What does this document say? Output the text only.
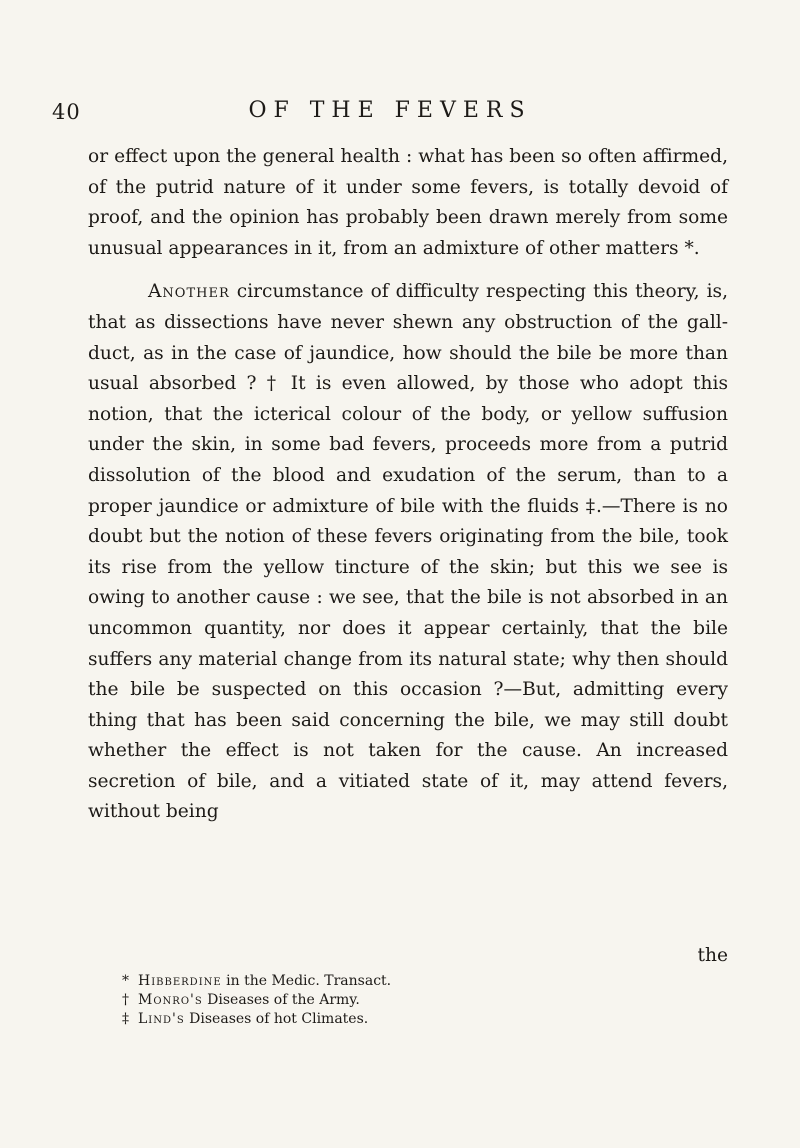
40	OF THE FEVERS

or effect upon the general health : what has been so often affirmed, of the putrid nature of it under some fevers, is totally devoid of proof, and the opinion has probably been drawn merely from some unusual appearances in it, from an admixture of other matters *.

Another circumstance of difficulty respecting this theory, is, that as dissections have never shewn any obstruction of the gall-duct, as in the case of jaundice, how should the bile be more than usual absorbed ? † It is even allowed, by those who adopt this notion, that the icterical colour of the body, or yellow suffusion under the skin, in some bad fevers, proceeds more from a putrid dissolution of the blood and exudation of the serum, than to a proper jaundice or admixture of bile with the fluids ‡.—There is no doubt but the notion of these fevers originating from the bile, took its rise from the yellow tincture of the skin; but this we see is owing to another cause : we see, that the bile is not absorbed in an uncommon quantity, nor does it appear certainly, that the bile suffers any material change from its natural state; why then should the bile be suspected on this occasion ?—But, admitting every thing that has been said concerning the bile, we may still doubt whether the effect is not taken for the cause. An increased secretion of bile, and a vitiated state of it, may attend fevers, without being

the
* Hibberdine in the Medic. Transact.
† Monro's Diseases of the Army.
‡ Lind's Diseases of hot Climates.
